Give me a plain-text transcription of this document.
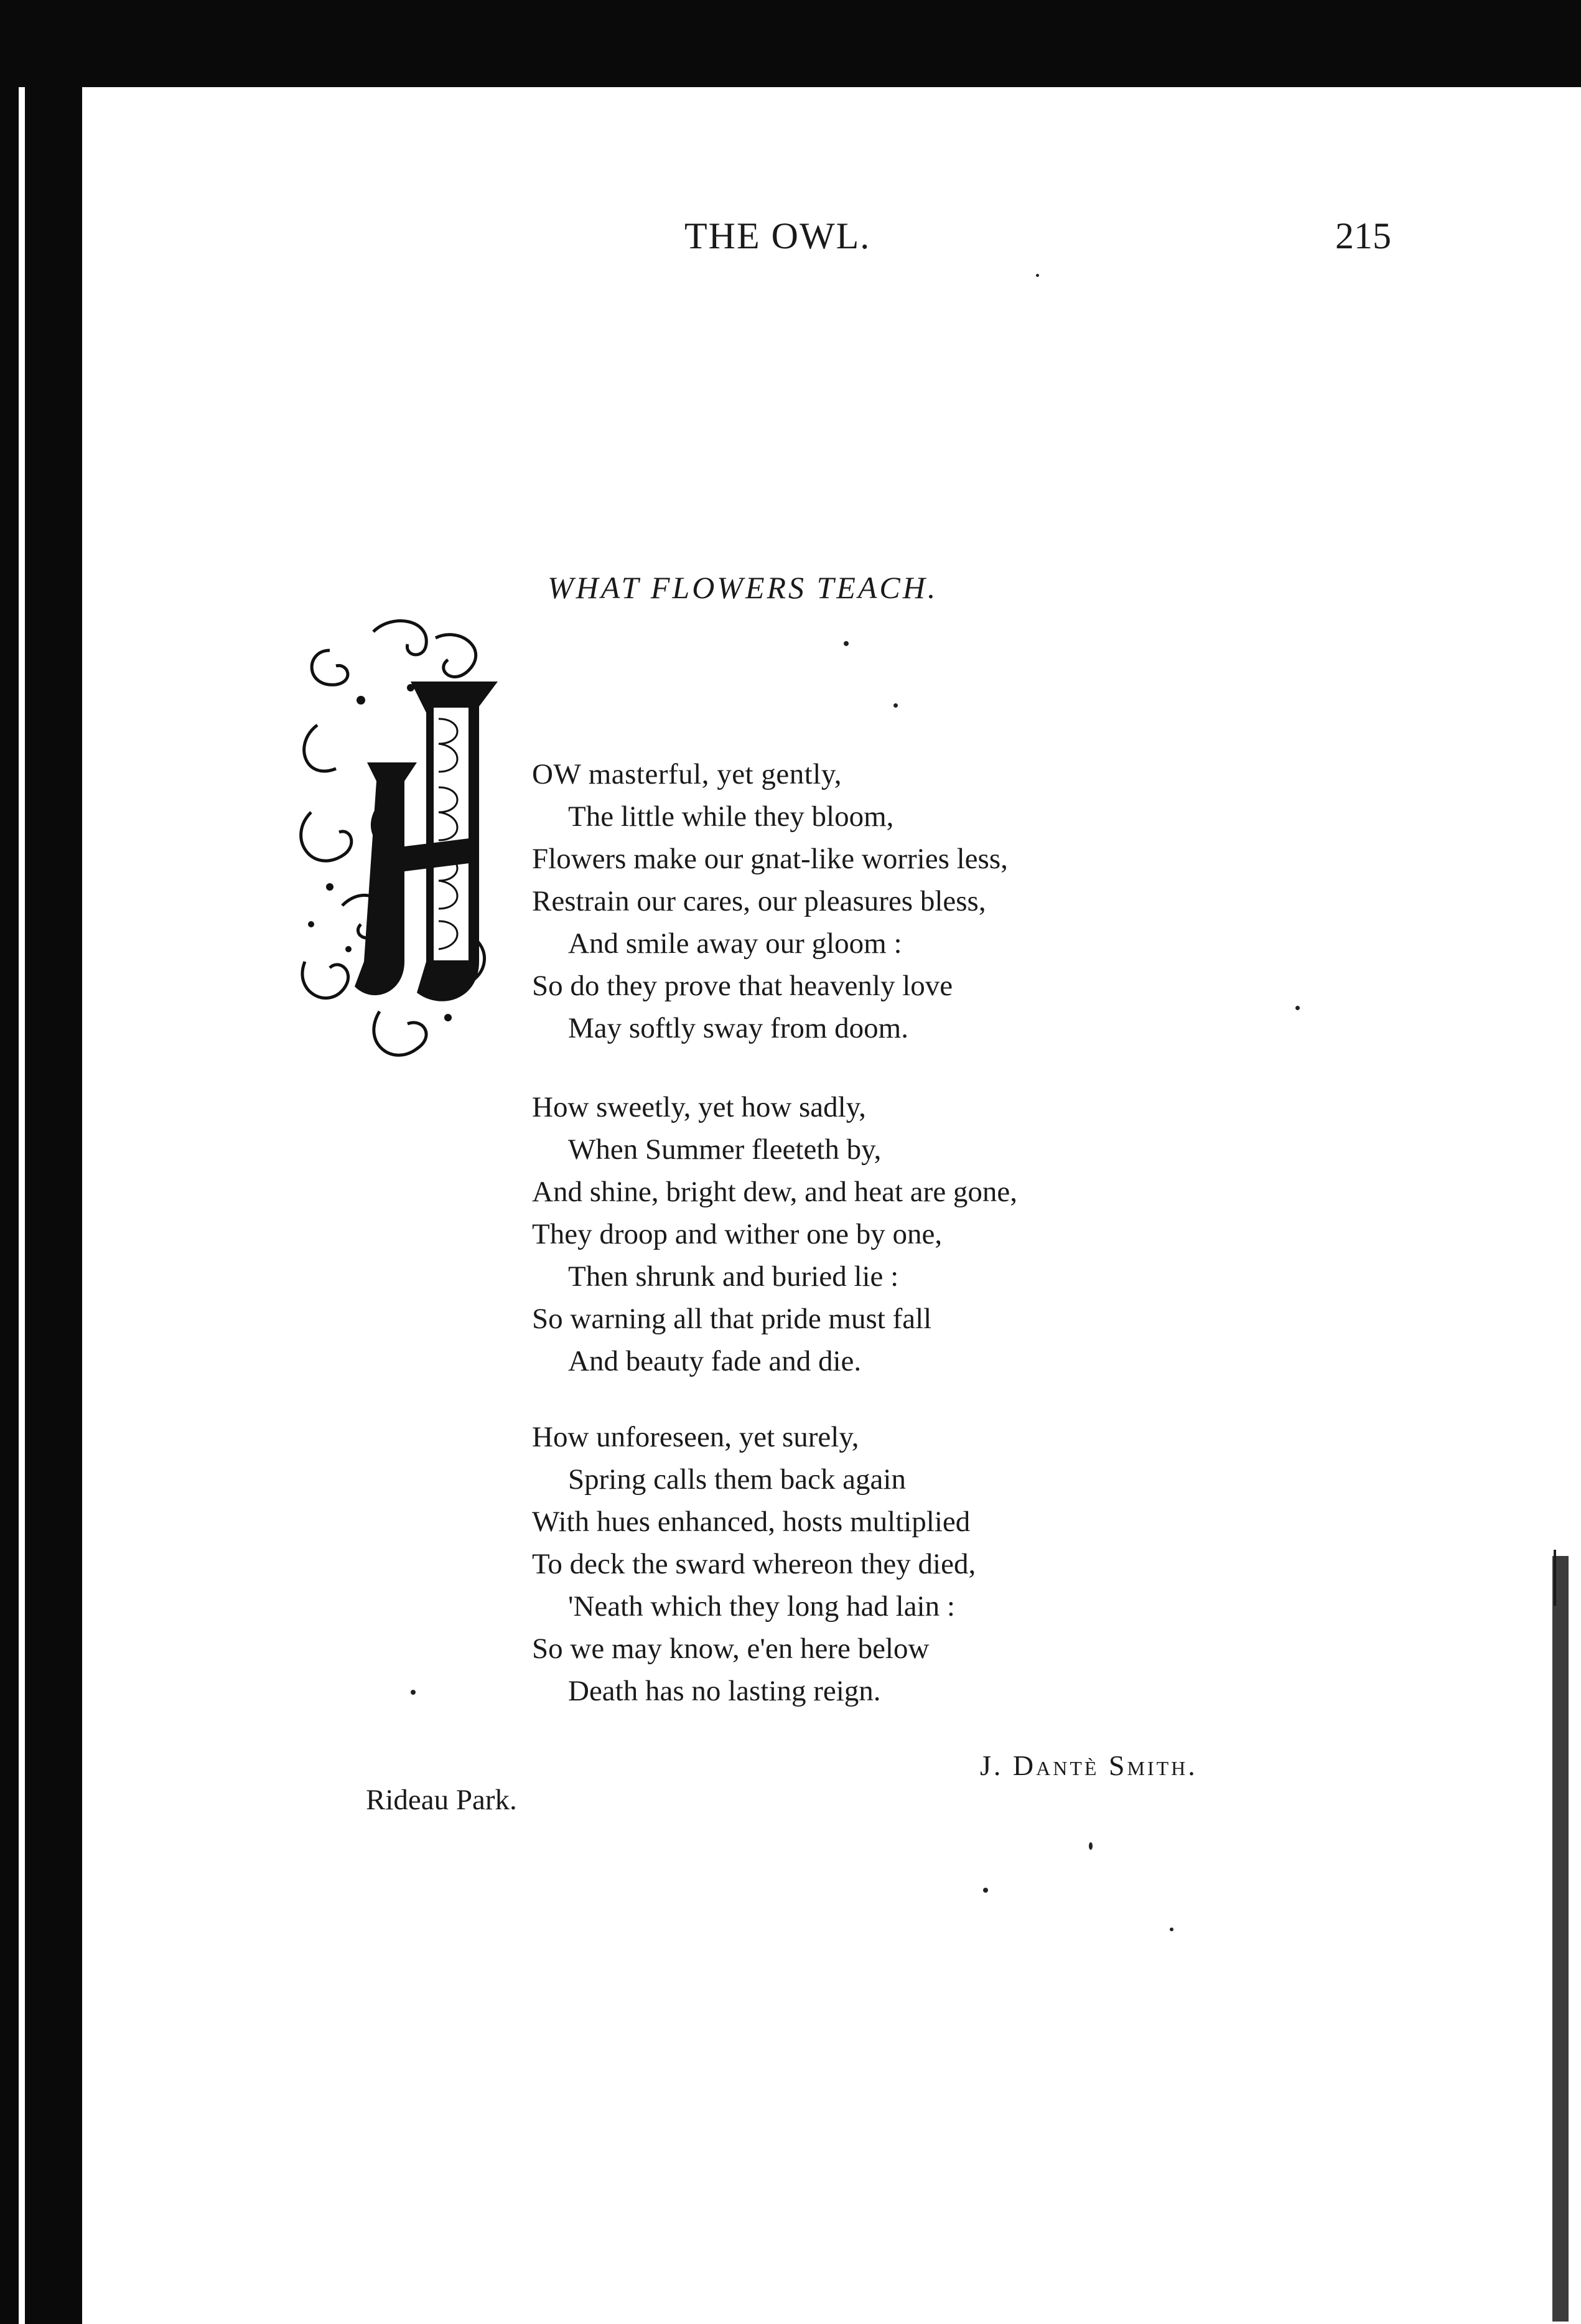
THE OWL.	215
WHAT FLOWERS TEACH.
OW masterful, yet gently,
The little while they bloom,
Flowers make our gnat-like worries less,
Restrain our cares, our pleasures bless,
And smile away our gloom :
So do they prove that heavenly love
May softly sway from doom.
How sweetly, yet how sadly,
When Summer fleeteth by,
And shine, bright dew, and heat are gone,
They droop and wither one by one,
Then shrunk and buried lie :
So warning all that pride must fall
And beauty fade and die.
How unforeseen, yet surely,
Spring calls them back again
With hues enhanced, hosts multiplied
To deck the sward whereon they died,
'Neath which they long had lain :
So we may know, e'en here below
Death has no lasting reign.
J. Dantè Smith.
Rideau Park.
